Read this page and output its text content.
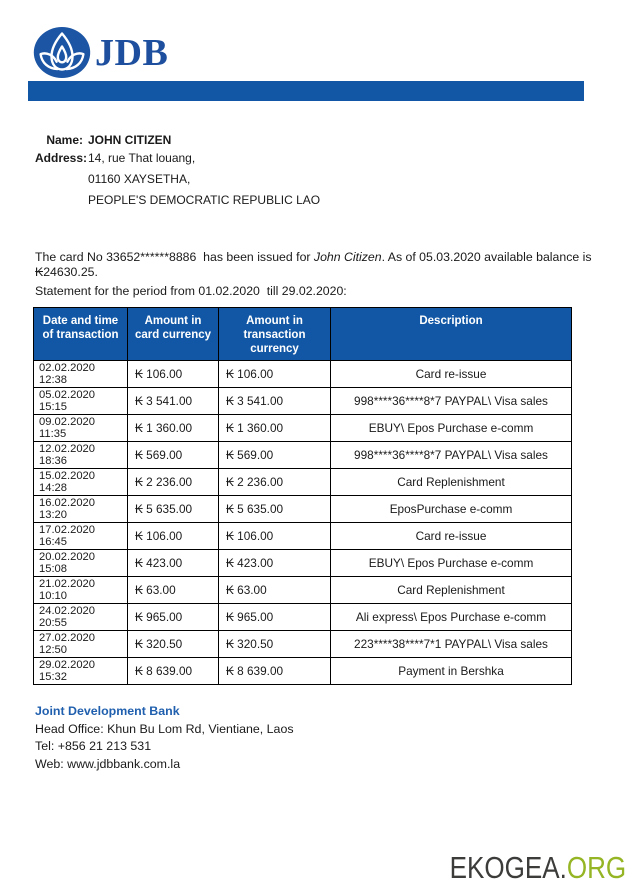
JDB
Name: JOHN CITIZEN
Address: 14, rue That louang,
01160 XAYSETHA,
PEOPLE'S DEMOCRATIC REPUBLIC LAO
The card No 33652******8886  has been issued for John Citizen. As of 05.03.2020 available balance is ₭24630.25.
Statement for the period from 01.02.2020  till 29.02.2020:
Date and time of transaction	Amount in card currency	Amount in transaction currency	Description
02.02.2020 12:38	₭ 106.00	₭ 106.00	Card re-issue
05.02.2020 15:15	₭ 3 541.00	₭ 3 541.00	998****36****8*7 PAYPAL\ Visa sales
09.02.2020 11:35	₭ 1 360.00	₭ 1 360.00	EBUY\ Epos Purchase e-comm
12.02.2020 18:36	₭ 569.00	₭ 569.00	998****36****8*7 PAYPAL\ Visa sales
15.02.2020 14:28	₭ 2 236.00	₭ 2 236.00	Card Replenishment
16.02.2020 13:20	₭ 5 635.00	₭ 5 635.00	EposPurchase e-comm
17.02.2020 16:45	₭ 106.00	₭ 106.00	Card re-issue
20.02.2020 15:08	₭ 423.00	₭ 423.00	EBUY\ Epos Purchase e-comm
21.02.2020 10:10	₭ 63.00	₭ 63.00	Card Replenishment
24.02.2020 20:55	₭ 965.00	₭ 965.00	Ali express\ Epos Purchase e-comm
27.02.2020 12:50	₭ 320.50	₭ 320.50	223****38****7*1 PAYPAL\ Visa sales
29.02.2020 15:32	₭ 8 639.00	₭ 8 639.00	Payment in Bershka
Joint Development Bank
Head Office: Khun Bu Lom Rd, Vientiane, Laos
Tel: +856 21 213 531
Web: www.jdbbank.com.la
EKOGEA.ORG
